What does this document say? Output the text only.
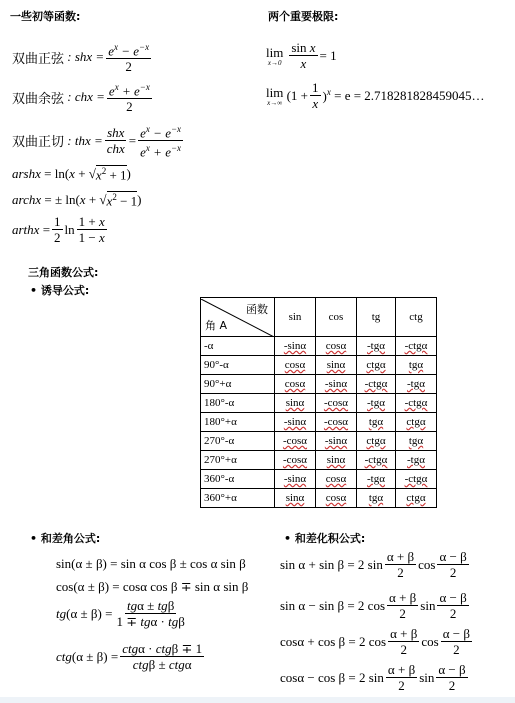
一些初等函数:	两个重要极限:
双曲正弦 : shx = $\frac{e^x - e^{-x}}{2}$
双曲余弦 : chx = $\frac{e^x + e^{-x}}{2}$
双曲正切 : thx = $\frac{\text{shx}}{\text{chx}} = \frac{e^x - e^{-x}}{e^x + e^{-x}}$
arshx = ln( x + √ $x^2 + 1$ )
archx = ± ln( x + √ $x^2 - 1$ )
arthx = $\frac{1}{2}$ $\ln \frac{1 + x}{1 - x}$
lim
$x\to 0 \frac{\text{sin x}}{x} = 1$
lim
x→∞ $(1 + \frac{1}{x} )^x = e$ = 2.718281828459045…
三角函数公式:
• 诱导公式:
函数
角 A	sin	cos	tg	ctg
-α	-sinα	cosα	-tgα	-ctgα
90°-α	cosα	sinα	ctgα	tgα
90°+α	cosα	-sinα	-ctgα	-tgα
180°-α	sinα	-cosα	-tgα	-ctgα
180°+α	-sinα	-cosα	tgα	ctgα
270°-α	-cosα	-sinα	ctgα	tgα
270°+α	-cosα	sinα	-ctgα	-tgα
360°-α	-sinα	cosα	-tgα	-ctgα
360°+α	sinα	cosα	tgα	ctgα
• 和差角公式:	• 和差化积公式:
sin(α ± β) = sin α cos β ± cos α sin β
cos(α ± β) = cosα cos β ∓ sin α sin β
$tg(\alpha \pm \beta) = \frac{\text{tgα ± tgβ}}{\text{1 ∓ tgα · tgβ}}$
$ctg(\alpha \pm \beta) = \frac{\text{ctgα · ctgβ ∓ 1}}{\text{ctgβ ± ctgα}}$
sin α + sin β = 2 $\sin \frac{\alpha + \beta}{2}$ $\cos \frac{\alpha - \beta}{2}$
sin α − sin β = 2 $\cos \frac{\alpha + \beta}{2}$ $\sin \frac{\alpha - \beta}{2}$
cosα + cos β = 2 $\cos \frac{\alpha + \beta}{2}$ $\cos \frac{\alpha - \beta}{2}$
cosα − cos β = 2 $\sin \frac{\alpha + \beta}{2}$ $\sin \frac{\alpha - \beta}{2}$
